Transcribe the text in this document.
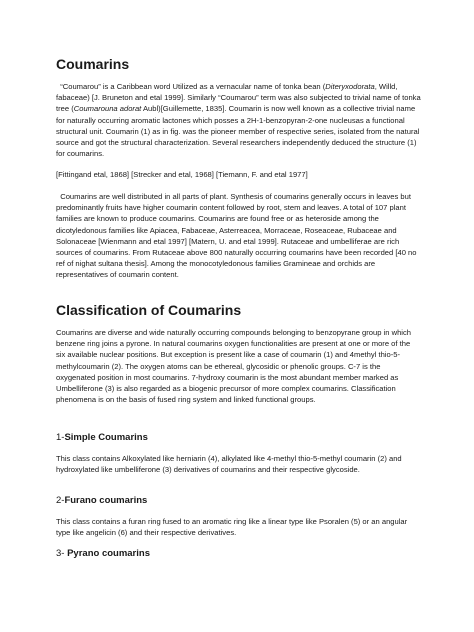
Coumarins

“Coumarou” is a Caribbean word Utilized as a vernacular name of tonka bean (Diteryxodorata, Willd, fabaceae) [J. Bruneton and etal 1999]. Similarly “Coumarou” term was also subjected to trivial name of tonka tree (Coumarouna adorat Aubl)[Guillemette, 1835]. Coumarin is now well known as a collective trivial name for naturally occurring aromatic lactones which posses a 2H-1-benzopyran-2-one nucleusas a functional structural unit. Coumarin (1) as in fig. was the pioneer member of respective series, isolated from the natural source and got the structural characterization. Several researchers independently deduced the structure (1) for coumarins.

[Fittingand etal, 1868] [Strecker and etal, 1968] [Tiemann, F. and etal 1977]

Coumarins are well distributed in all parts of plant. Synthesis of coumarins generally occurs in leaves but predominantly fruits have higher coumarin content followed by root, stem and leaves. A total of 107 plant families are known to produce coumarins. Coumarins are found free or as heteroside among the dicotyledonous families like Apiacea, Fabaceae, Asterreacea, Morraceae, Roseaceae, Rubaceae and Solonaceae [Wienmann and etal 1997] [Matern, U. and etal 1999]. Rutaceae and umbelliferae are rich sources of coumarins. From Rutaceae above 800 naturally occurring coumarins have been recorded [40 no ref of nighat sultana thesis]. Among the monocotyledonous families Gramineae and orchids are representatives of coumarin content.

Classification of Coumarins

Coumarins are diverse and wide naturally occurring compounds belonging to benzopyrane group in which benzene ring joins a pyrone. In natural coumarins oxygen functionalities are present at one or more of the six available nuclear positions. But exception is present like a case of coumarin (1) and 4methyl thio-5-methylcoumarin (2). The oxygen atoms can be ethereal, glycosidic or phenolic groups. C-7 is the oxygenated position in most coumarins. 7-hydroxy coumarin is the most abundant member marked as Umbelliferone (3) is also regarded as a biogenic precursor of more complex coumarins. Classification phenomena is on the basis of fused ring system and linked functional groups.

1-Simple Coumarins

This class contains Alkoxylated like herniarin (4), alkylated like 4-methyl thio-5-methyl coumarin (2) and hydroxylated like umbelliferone (3) derivatives of coumarins and their respective glycoside.

2-Furano coumarins

This class contains a furan ring fused to an aromatic ring like a linear type like Psoralen (5) or an angular type like angelicin (6) and their respective derivatives.

3- Pyrano coumarins
